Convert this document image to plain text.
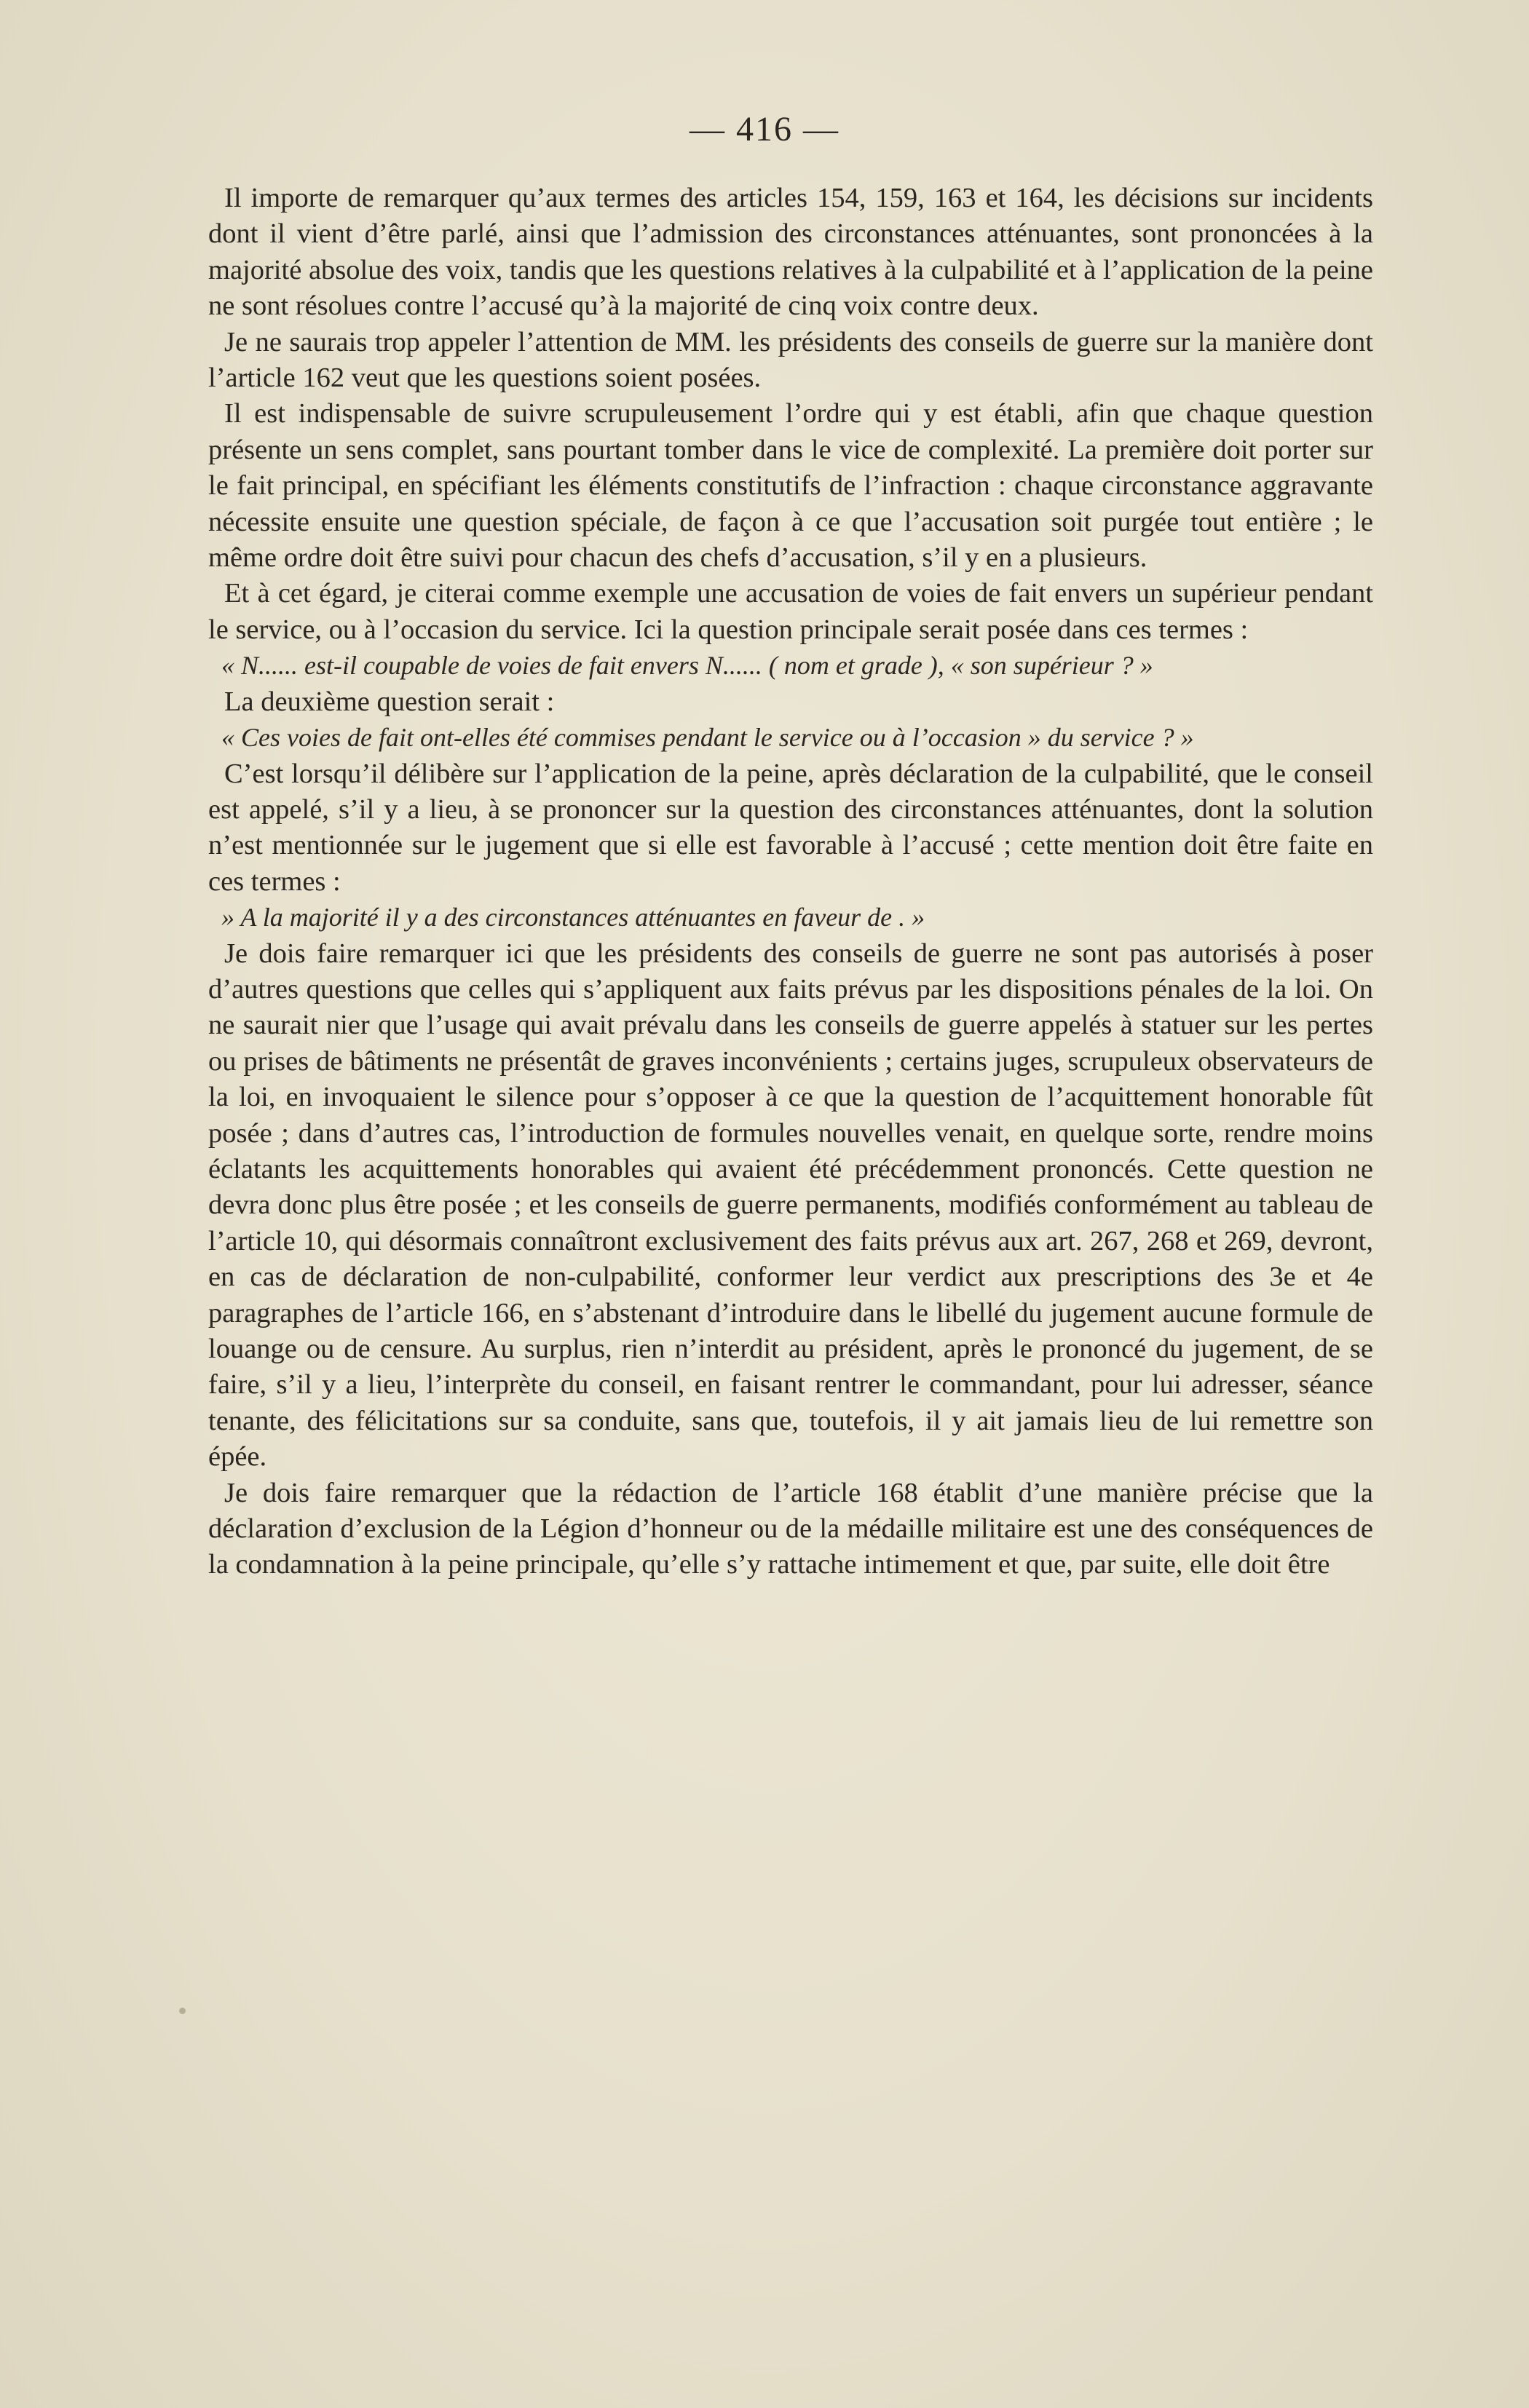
— 416 —

Il importe de remarquer qu’aux termes des articles 154, 159, 163 et 164, les décisions sur incidents dont il vient d’être parlé, ainsi que l’admission des circonstances atténuantes, sont prononcées à la majorité absolue des voix, tandis que les questions relatives à la culpabilité et à l’application de la peine ne sont résolues contre l’accusé qu’à la majorité de cinq voix contre deux.

Je ne saurais trop appeler l’attention de MM. les présidents des conseils de guerre sur la manière dont l’article 162 veut que les questions soient posées.

Il est indispensable de suivre scrupuleusement l’ordre qui y est établi, afin que chaque question présente un sens complet, sans pourtant tomber dans le vice de complexité. La première doit porter sur le fait principal, en spécifiant les éléments constitutifs de l’infraction : chaque circonstance aggravante nécessite ensuite une question spéciale, de façon à ce que l’accusation soit purgée tout entière ; le même ordre doit être suivi pour chacun des chefs d’accusation, s’il y en a plusieurs.

Et à cet égard, je citerai comme exemple une accusation de voies de fait envers un supérieur pendant le service, ou à l’occasion du service. Ici la question principale serait posée dans ces termes :

« N...... est-il coupable de voies de fait envers N...... ( nom et grade ), « son supérieur ? »

La deuxième question serait :

« Ces voies de fait ont-elles été commises pendant le service ou à l’occasion » du service ? »

C’est lorsqu’il délibère sur l’application de la peine, après déclaration de la culpabilité, que le conseil est appelé, s’il y a lieu, à se prononcer sur la question des circonstances atténuantes, dont la solution n’est mentionnée sur le jugement que si elle est favorable à l’accusé ; cette mention doit être faite en ces termes :

» A la majorité il y a des circonstances atténuantes en faveur de . »

Je dois faire remarquer ici que les présidents des conseils de guerre ne sont pas autorisés à poser d’autres questions que celles qui s’appliquent aux faits prévus par les dispositions pénales de la loi. On ne saurait nier que l’usage qui avait prévalu dans les conseils de guerre appelés à statuer sur les pertes ou prises de bâtiments ne présentât de graves inconvénients ; certains juges, scrupuleux observateurs de la loi, en invoquaient le silence pour s’opposer à ce que la question de l’acquittement honorable fût posée ; dans d’autres cas, l’introduction de formules nouvelles venait, en quelque sorte, rendre moins éclatants les acquittements honorables qui avaient été précédemment prononcés. Cette question ne devra donc plus être posée ; et les conseils de guerre permanents, modifiés conformément au tableau de l’article 10, qui désormais connaîtront exclusivement des faits prévus aux art. 267, 268 et 269, devront, en cas de déclaration de non-culpabilité, conformer leur verdict aux prescriptions des 3e et 4e paragraphes de l’article 166, en s’abstenant d’introduire dans le libellé du jugement aucune formule de louange ou de censure. Au surplus, rien n’interdit au président, après le prononcé du jugement, de se faire, s’il y a lieu, l’interprète du conseil, en faisant rentrer le commandant, pour lui adresser, séance tenante, des félicitations sur sa conduite, sans que, toutefois, il y ait jamais lieu de lui remettre son épée.

Je dois faire remarquer que la rédaction de l’article 168 établit d’une manière précise que la déclaration d’exclusion de la Légion d’honneur ou de la médaille militaire est une des conséquences de la condamnation à la peine principale, qu’elle s’y rattache intimement et que, par suite, elle doit être
